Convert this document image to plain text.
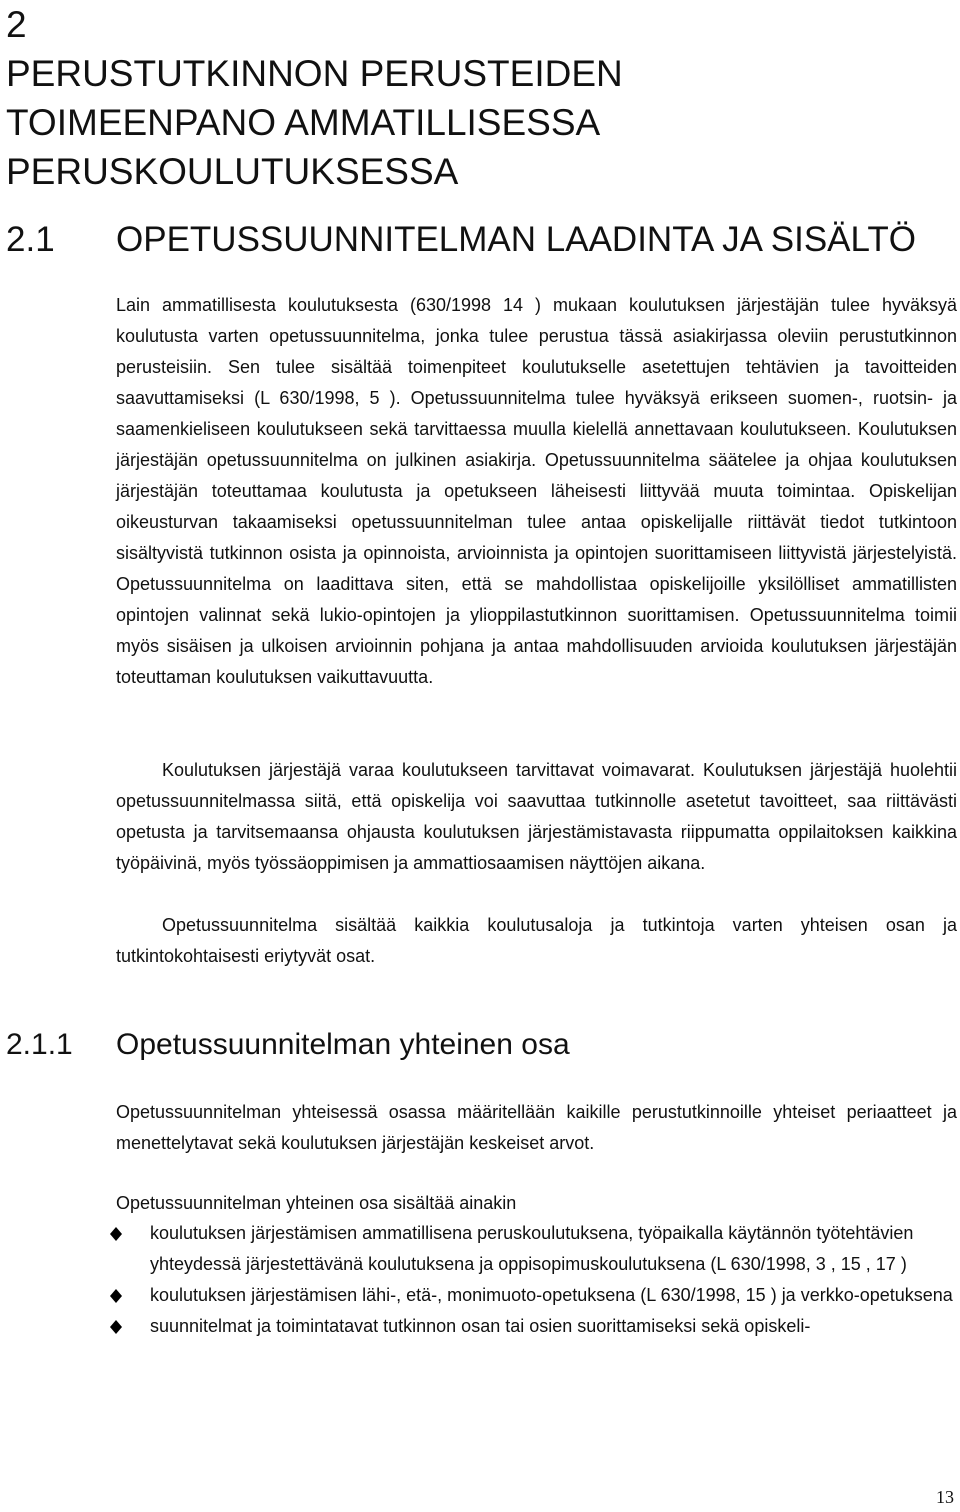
2
PERUSTUTKINNON PERUSTEIDEN
TOIMEENPANO AMMATILLISESSA
PERUSKOULUTUKSESSA
2.1 OPETUSSUUNNITELMAN LAADINTA JA SISÄLTÖ
Lain ammatillisesta koulutuksesta (630/1998 14 ) mukaan koulutuksen järjestäjän tulee hyväksyä koulutusta varten opetussuunnitelma, jonka tulee perustua tässä asiakirjassa oleviin perustutkinnon perusteisiin. Sen tulee sisältää toimenpiteet koulutukselle asetettujen tehtävien ja tavoitteiden saavuttamiseksi (L 630/1998, 5 ). Opetussuunnitelma tulee hyväksyä erikseen suomen-, ruotsin- ja saamenkieliseen koulutukseen sekä tarvittaessa muulla kielellä annettavaan koulutukseen. Koulutuksen järjestäjän opetussuunnitelma on julkinen asiakirja. Opetussuunnitelma säätelee ja ohjaa koulutuksen järjestäjän toteuttamaa koulutusta ja opetukseen läheisesti liittyvää muuta toimintaa. Opiskelijan oikeusturvan takaamiseksi opetussuunnitelman tulee antaa opiskelijalle riittävät tiedot tutkintoon sisältyvistä tutkinnon osista ja opinnoista, arvioinnista ja opintojen suorittamiseen liittyvistä järjestelyistä. Opetussuunnitelma on laadittava siten, että se mahdollistaa opiskelijoille yksilölliset ammatillisten opintojen valinnat sekä lukio-opintojen ja ylioppilastutkinnon suorittamisen. Opetussuunnitelma toimii myös sisäisen ja ulkoisen arvioinnin pohjana ja antaa mahdollisuuden arvioida koulutuksen järjestäjän toteuttaman koulutuksen vaikuttavuutta.
Koulutuksen järjestäjä varaa koulutukseen tarvittavat voimavarat. Koulutuksen järjestäjä huolehtii opetussuunnitelmassa siitä, että opiskelija voi saavuttaa tutkinnolle asetetut tavoitteet, saa riittävästi opetusta ja tarvitsemaansa ohjausta koulutuksen järjestämistavasta riippumatta oppilaitoksen kaikkina työpäivinä, myös työssäoppimisen ja ammattiosaamisen näyttöjen aikana.
Opetussuunnitelma sisältää kaikkia koulutusaloja ja tutkintoja varten yhteisen osan ja tutkintokohtaisesti eriytyvät osat.
2.1.1 Opetussuunnitelman yhteinen osa
Opetussuunnitelman yhteisessä osassa määritellään kaikille perustutkinnoille yhteiset periaatteet ja menettelytavat sekä koulutuksen järjestäjän keskeiset arvot.
Opetussuunnitelman yhteinen osa sisältää ainakin
koulutuksen järjestämisen ammatillisena peruskoulutuksena, työpaikalla käytännön työtehtävien yhteydessä järjestettävänä koulutuksena ja oppisopimuskoulutuksena (L 630/1998, 3 , 15 , 17 )
koulutuksen järjestämisen lähi-, etä-, monimuoto-opetuksena (L 630/1998, 15 ) ja verkko-opetuksena
suunnitelmat ja toimintatavat tutkinnon osan tai osien suorittamiseksi sekä opiskeli-
13
